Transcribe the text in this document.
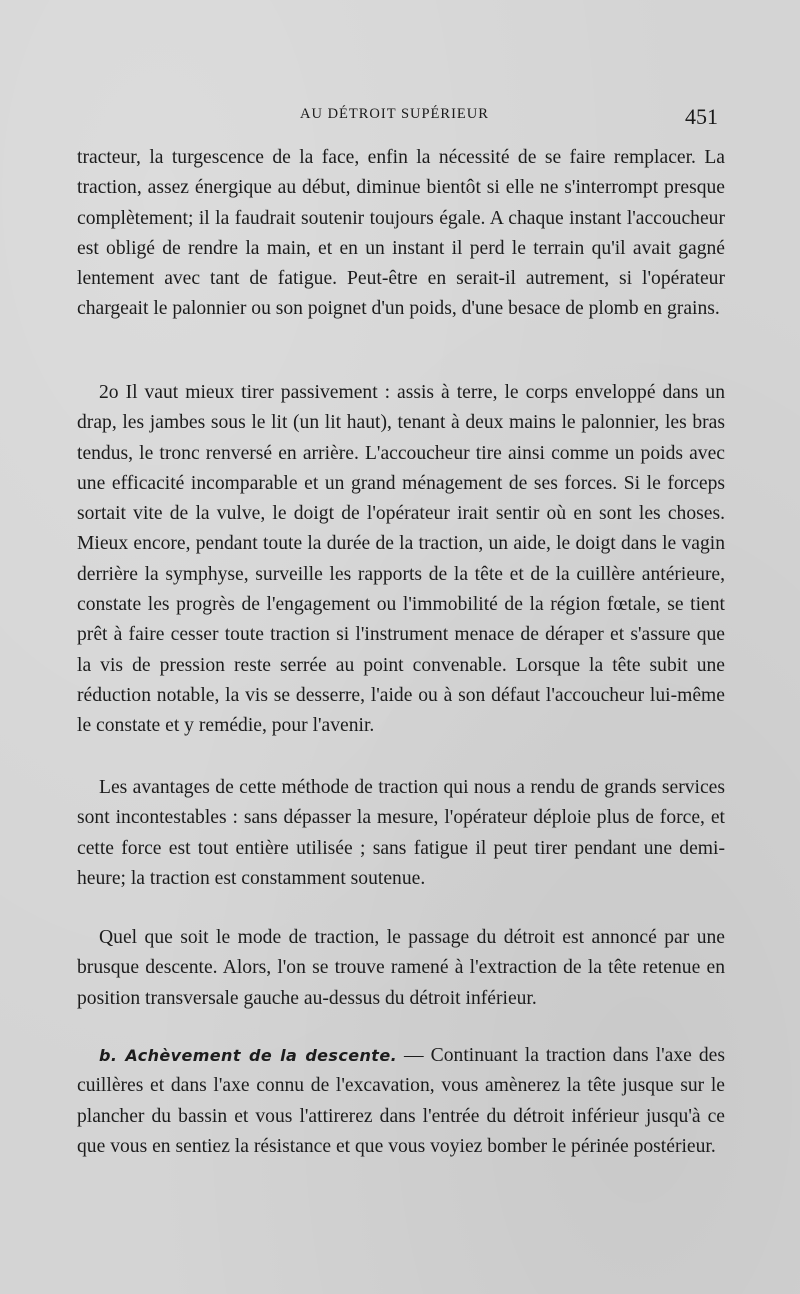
AU DÉTROIT SUPÉRIEUR	451

tracteur, la turgescence de la face, enfin la nécessité de se faire remplacer. La traction, assez énergique au début, diminue bientôt si elle ne s'interrompt presque complètement; il la faudrait soutenir toujours égale. A chaque instant l'accoucheur est obligé de rendre la main, et en un instant il perd le terrain qu'il avait gagné lentement avec tant de fatigue. Peut-être en serait-il autrement, si l'opérateur chargeait le palonnier ou son poignet d'un poids, d'une besace de plomb en grains.

2o Il vaut mieux tirer passivement : assis à terre, le corps enveloppé dans un drap, les jambes sous le lit (un lit haut), tenant à deux mains le palonnier, les bras tendus, le tronc renversé en arrière. L'accoucheur tire ainsi comme un poids avec une efficacité incomparable et un grand ménagement de ses forces. Si le forceps sortait vite de la vulve, le doigt de l'opérateur irait sentir où en sont les choses. Mieux encore, pendant toute la durée de la traction, un aide, le doigt dans le vagin derrière la symphyse, surveille les rapports de la tête et de la cuillère antérieure, constate les progrès de l'engagement ou l'immobilité de la région fœtale, se tient prêt à faire cesser toute traction si l'instrument menace de déraper et s'assure que la vis de pression reste serrée au point convenable. Lorsque la tête subit une réduction notable, la vis se desserre, l'aide ou à son défaut l'accoucheur lui-même le constate et y remédie, pour l'avenir.

Les avantages de cette méthode de traction qui nous a rendu de grands services sont incontestables : sans dépasser la mesure, l'opérateur déploie plus de force, et cette force est tout entière utilisée ; sans fatigue il peut tirer pendant une demi-heure; la traction est constamment soutenue.

Quel que soit le mode de traction, le passage du détroit est annoncé par une brusque descente. Alors, l'on se trouve ramené à l'extraction de la tête retenue en position transversale gauche au-dessus du détroit inférieur.

b. Achèvement de la descente. — Continuant la traction dans l'axe des cuillères et dans l'axe connu de l'excavation, vous amènerez la tête jusque sur le plancher du bassin et vous l'attirerez dans l'entrée du détroit inférieur jusqu'à ce que vous en sentiez la résistance et que vous voyiez bomber le périnée postérieur.
